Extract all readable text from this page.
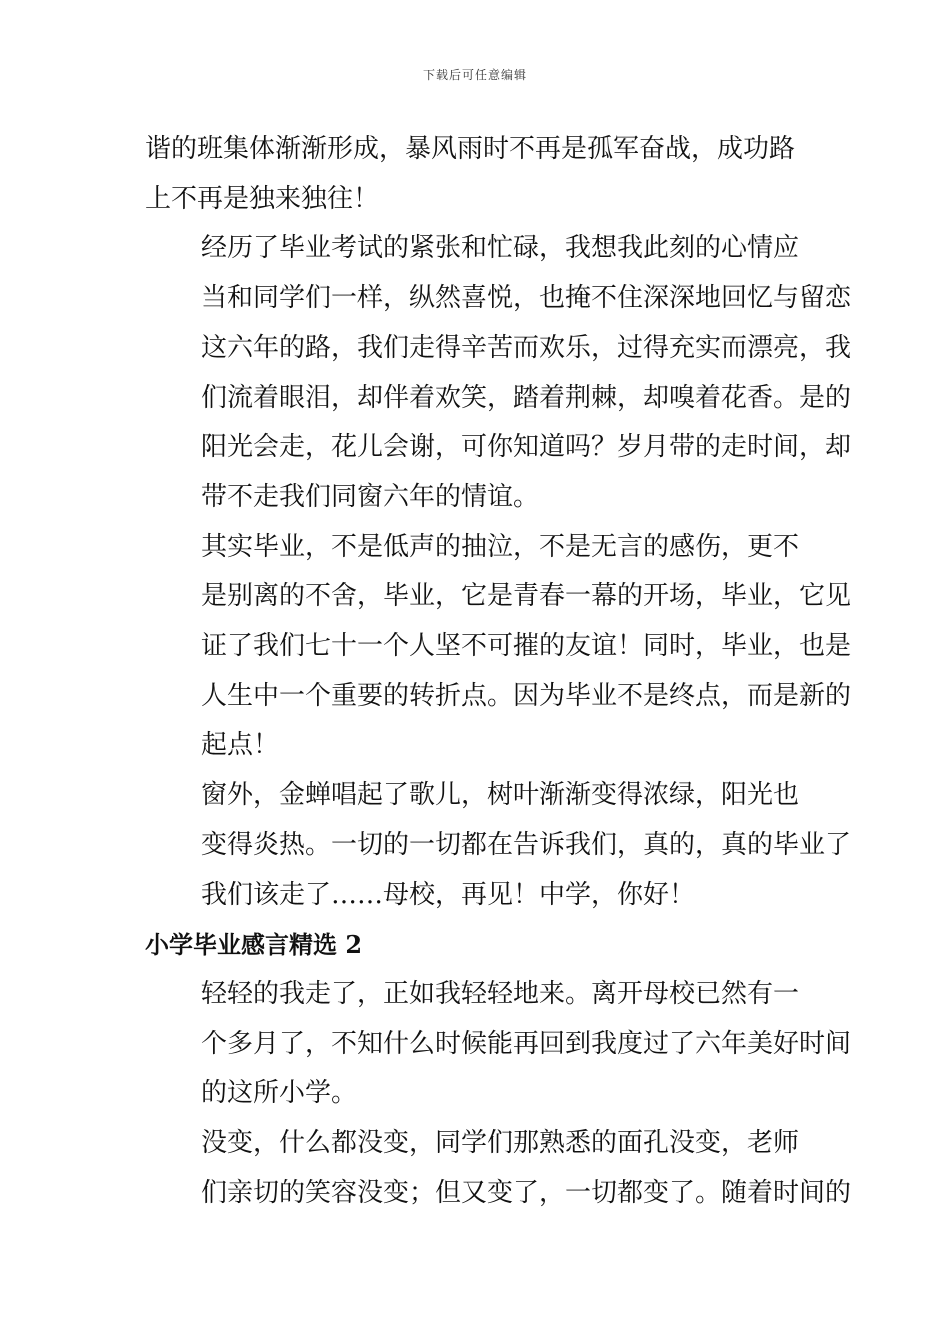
下载后可任意编辑

谐的班集体渐渐形成，暴风雨时不再是孤军奋战，成功路
上不再是独来独往！

经历了毕业考试的紧张和忙碌，我想我此刻的心情应
当和同学们一样，纵然喜悦，也掩不住深深地回忆与留恋
这六年的路，我们走得辛苦而欢乐，过得充实而漂亮，我
们流着眼泪，却伴着欢笑，踏着荆棘，却嗅着花香。是的
阳光会走，花儿会谢，可你知道吗？岁月带的走时间，却
带不走我们同窗六年的情谊。

其实毕业，不是低声的抽泣，不是无言的感伤，更不
是别离的不舍，毕业，它是青春一幕的开场，毕业，它见
证了我们七十一个人坚不可摧的友谊！同时，毕业，也是
人生中一个重要的转折点。因为毕业不是终点，而是新的
起点！

窗外，金蝉唱起了歌儿，树叶渐渐变得浓绿，阳光也
变得炎热。一切的一切都在告诉我们，真的，真的毕业了
我们该走了……母校，再见！中学，你好！

小学毕业感言精选 2

轻轻的我走了，正如我轻轻地来。离开母校已然有一
个多月了，不知什么时候能再回到我度过了六年美好时间
的这所小学。

没变，什么都没变，同学们那熟悉的面孔没变，老师
们亲切的笑容没变；但又变了，一切都变了。随着时间的
